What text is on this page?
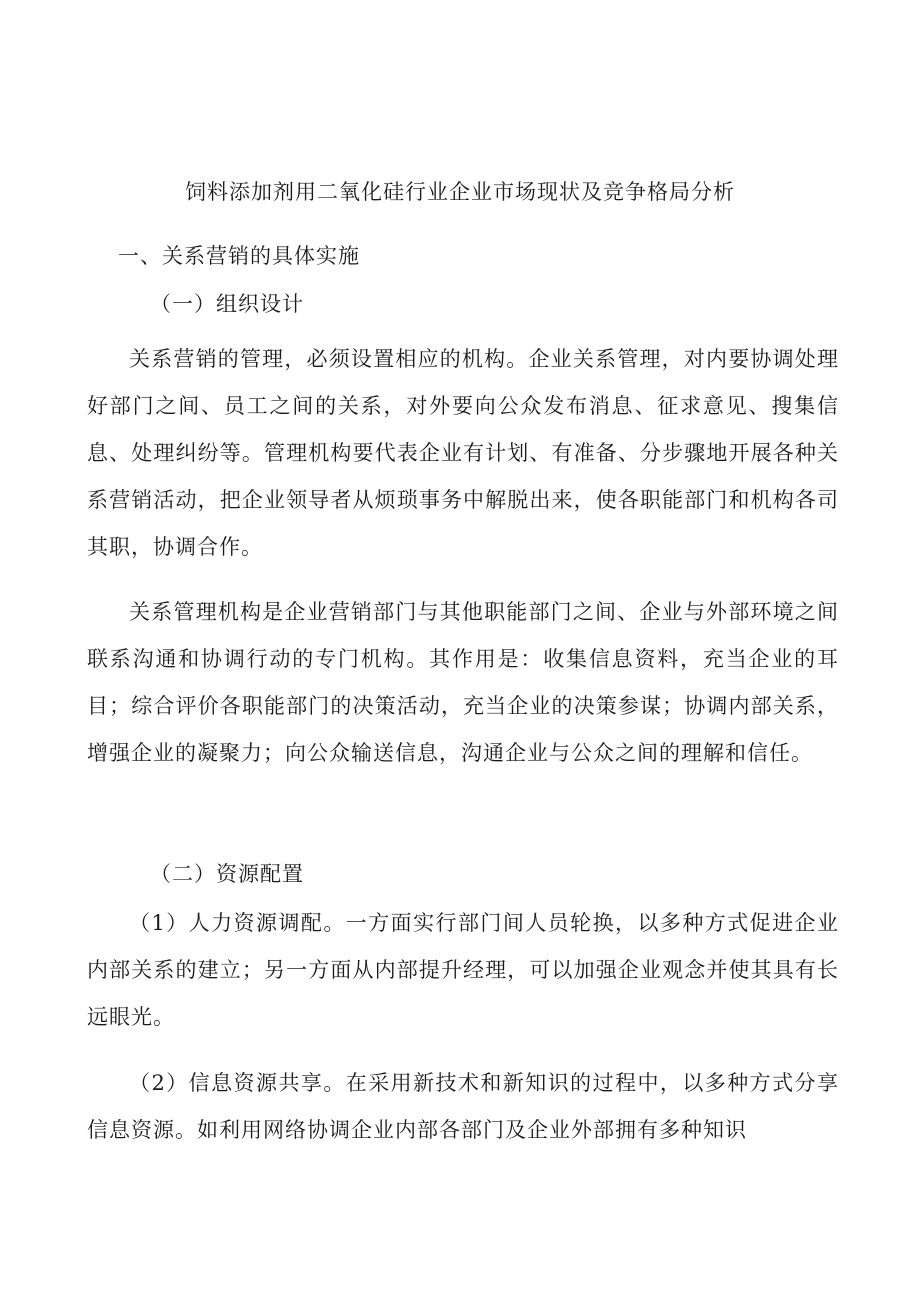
饲料添加剂用二氧化硅行业企业市场现状及竞争格局分析
一、关系营销的具体实施
（一）组织设计

关系营销的管理，必须设置相应的机构。企业关系管理，对内要协调处理好部门之间、员工之间的关系，对外要向公众发布消息、征求意见、搜集信息、处理纠纷等。管理机构要代表企业有计划、有准备、分步骤地开展各种关系营销活动，把企业领导者从烦琐事务中解脱出来，使各职能部门和机构各司其职，协调合作。

关系管理机构是企业营销部门与其他职能部门之间、企业与外部环境之间联系沟通和协调行动的专门机构。其作用是：收集信息资料，充当企业的耳目；综合评价各职能部门的决策活动，充当企业的决策参谋；协调内部关系，增强企业的凝聚力；向公众输送信息，沟通企业与公众之间的理解和信任。

（二）资源配置

（1）人力资源调配。一方面实行部门间人员轮换，以多种方式促进企业内部关系的建立；另一方面从内部提升经理，可以加强企业观念并使其具有长远眼光。

（2）信息资源共享。在采用新技术和新知识的过程中，以多种方式分享信息资源。如利用网络协调企业内部各部门及企业外部拥有多种知识
